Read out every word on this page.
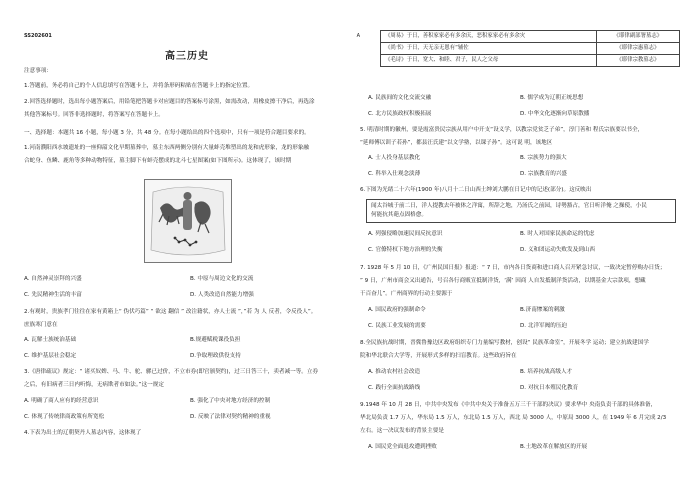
SS202601
高三历史
注意事项：
1.答题前，务必将自己的个人信息填写在答题卡上，并将条形码粘贴在答题卡上的指定位置。
2.回答选择题时，选出每小题答案后，用铅笔把答题卡对应题目的答案标号涂黑，如需改动，用橡皮擦干净后，再选涂
其他答案标号。回答非选择题时，将答案写在答题卡上。
一、选择题：本题共 16 小题，每小题 3 分，共 48 分。在每小题给出的四个选项中，只有一项是符合题目要求的。
1.河南濮阳西水坡遗址的一座仰韶文化早期墓葬中，墓主东西两侧分别有大量蚌壳堆塑出的龙和虎形象，龙的形象融
合蛇身、鱼鳞、鹿角等多种动物特征，墓主脚下有蚌壳摆成的北斗七星图案(如下图所示)。这体现了，该时期
A. 自然神灵崇拜的兴盛	B. 中原与周边文化的交流
C. 先民精神生活的丰富	D. 人类改造自然能力增强
2.有观时，贵族孝门往往在家有黄箱上“ 伪伏巧篇” “ 欲这 翻信 ” 改注籍状，亦人士流 ”，”若 为 人 反者，令反役人”。
庶族寒门意在
A. 瓦解士族统治基础	B.规避赋税课役负担
C. 维护基层社会稳定	D.争取理政供役支持
3.《唐律疏议》规定：“ 诸买奴婢、马、牛、驼、骡已过价，不立市券(即官颁契约)，过三日答三十，卖者减一等。立券
之后，有旧病者三日内听悔，无病欺者市如法。”这一规定
A. 明确了商人应有的经营意识	B. 强化了中央对地方经济的控制
C. 体现了传统律商政策有所宽松	D. 反映了法律对契约精神的重视
4.下表为出土的辽朝契丹人墓志内容，这体现了
A	《周易》于日，善积家家必有多余庆，恶积家家必有多余灾	《耶律副部署墓志》
《尚书》于日，天无亲无恩有“辅佐	《耶律宗惠墓志》
《毛诗》于日，宽大、和睦、君子，民人之父母	《耶律宗教墓志》
A. 民族间的文化交流交融	B. 儒学成为辽朝正统思想
C. 北方民族政权积极拓展	D. 中华文化逐渐向草原散播
5. 明清时期的徽州，要是霞富贵民宗族从用户中开支“设义学，以教宗党贫乏子弟”，淳门善和 程氏宗族要以书全，
“延师傅以训子若孙”，都县汪氏建“以文学塾，以课子孙”。这可说 明，该地区
A. 士人投身基层教化	B. 宗族势力的强大
C. 科举入仕观念淡薄	D. 宗族教育的兴盛
6.下图为光绪二十六年(1900 年)八月十二日山西士绅刘大鹏在日记中的记述(部分)。这反映出
闻太谷城于前二日，洋人提教去年被体之洋寓，所辞之地，乃汤氏之前园，诗勢豁占，官日听洋俺 之操使，小民
何能抗其葩点固格愈。
A. 列强侵略加速民间反抗意识	B. 时人对国家民族命运的忧虑
C. 官僚特权下地方治理的失衡	D. 义和团运动失败发及到山西
7. 1928 年 5 月 10 日，《广州民国日报》报道：“ 7 日，市内各日货商和进口商人召开紧急讨议，一致决定暂停购办日货；
” 9 日，广州市商会又出通告，号召各行商贩宣抵制洋货，‘满’ 因商 人自发抵制洋货活动，以期基金大宗款项，想藏
干百奋儿”。广州商界的行动主要源于
A. 国民政府的强制命令	B.济南惨案的刺激
C. 民族工业发展的需要	D. 北洋军阀的压迫
8.全民族抗战时期，晋冀鲁豫边区政府组织专门力量编写教材，创设“ 民族革命室”，开展冬学 运动；建立抗战建国学
院和华北联合大学等，开展形式多样的扫盲教育。这些政府旨在
A. 推动农村社会改造	B. 培养抗战高级人才
C. 践行全面抗战路线	D. 对抗日本殖民化教育
9.1948 年 10 月 28 日，中共中央发布《中共中央关于准备五万三千干部的决议》要求华中 央南负责千部的具体准备，
华北局负责 1.7 万人，华东局 1.5 万人，东北局 1.5 万人，西北 局 3000 人，中原局 3000 人，在 1949 年 6 月完成 2/3
左右。这一决议发布的背景主要是
A. 国民党全面退攻遭到挫败	B.土地改革在解放区的开展
